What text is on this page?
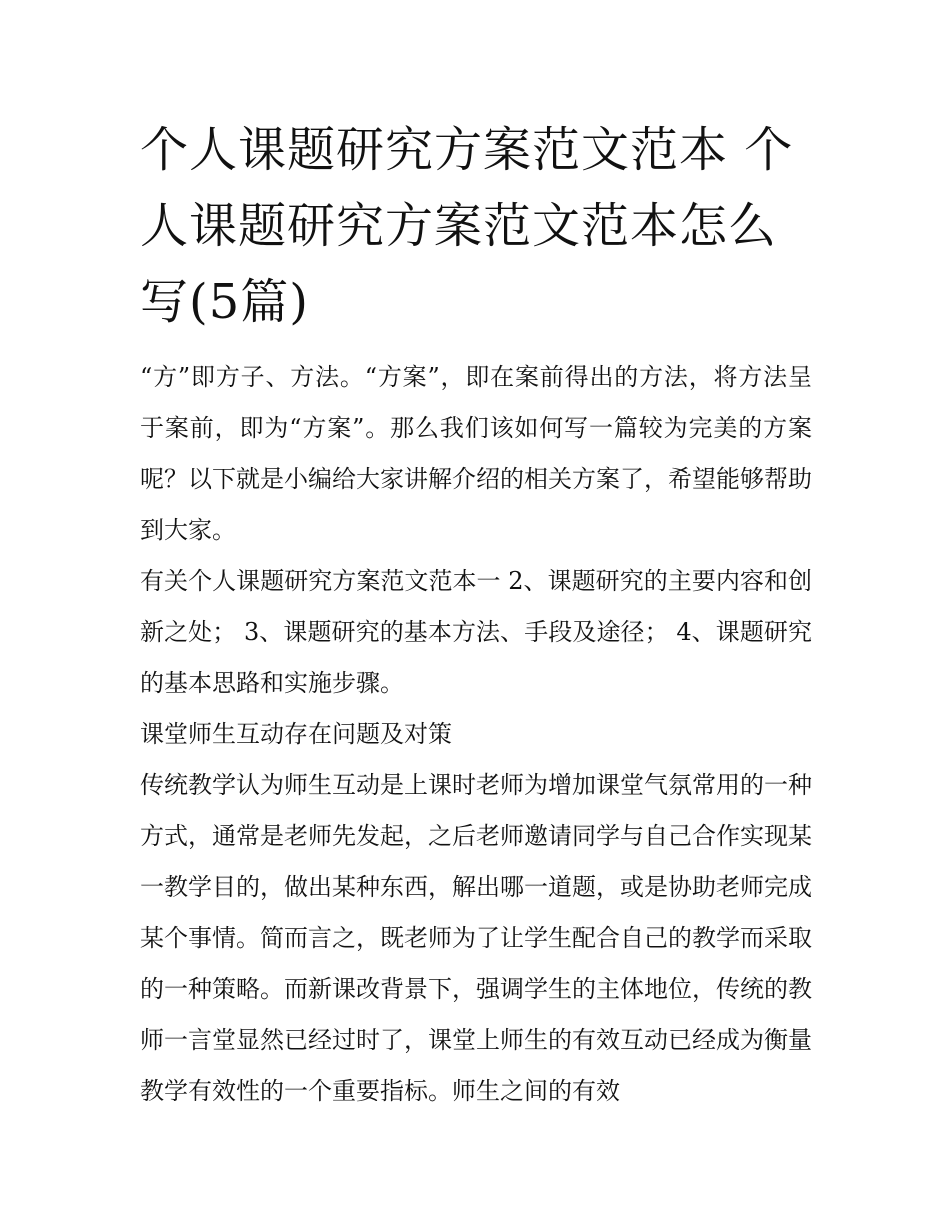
个人课题研究方案范文范本 个人课题研究方案范文范本怎么写(5篇)

“方”即方子、方法。“方案”，即在案前得出的方法，将方法呈于案前，即为“方案”。那么我们该如何写一篇较为完美的方案呢？以下就是小编给大家讲解介绍的相关方案了，希望能够帮助到大家。

有关个人课题研究方案范文范本一 2、课题研究的主要内容和创新之处； 3、课题研究的基本方法、手段及途径； 4、课题研究的基本思路和实施步骤。

课堂师生互动存在问题及对策

传统教学认为师生互动是上课时老师为增加课堂气氛常用的一种方式，通常是老师先发起，之后老师邀请同学与自己合作实现某一教学目的，做出某种东西，解出哪一道题，或是协助老师完成某个事情。简而言之，既老师为了让学生配合自己的教学而采取的一种策略。而新课改背景下，强调学生的主体地位，传统的教师一言堂显然已经过时了，课堂上师生的有效互动已经成为衡量教学有效性的一个重要指标。师生之间的有效
